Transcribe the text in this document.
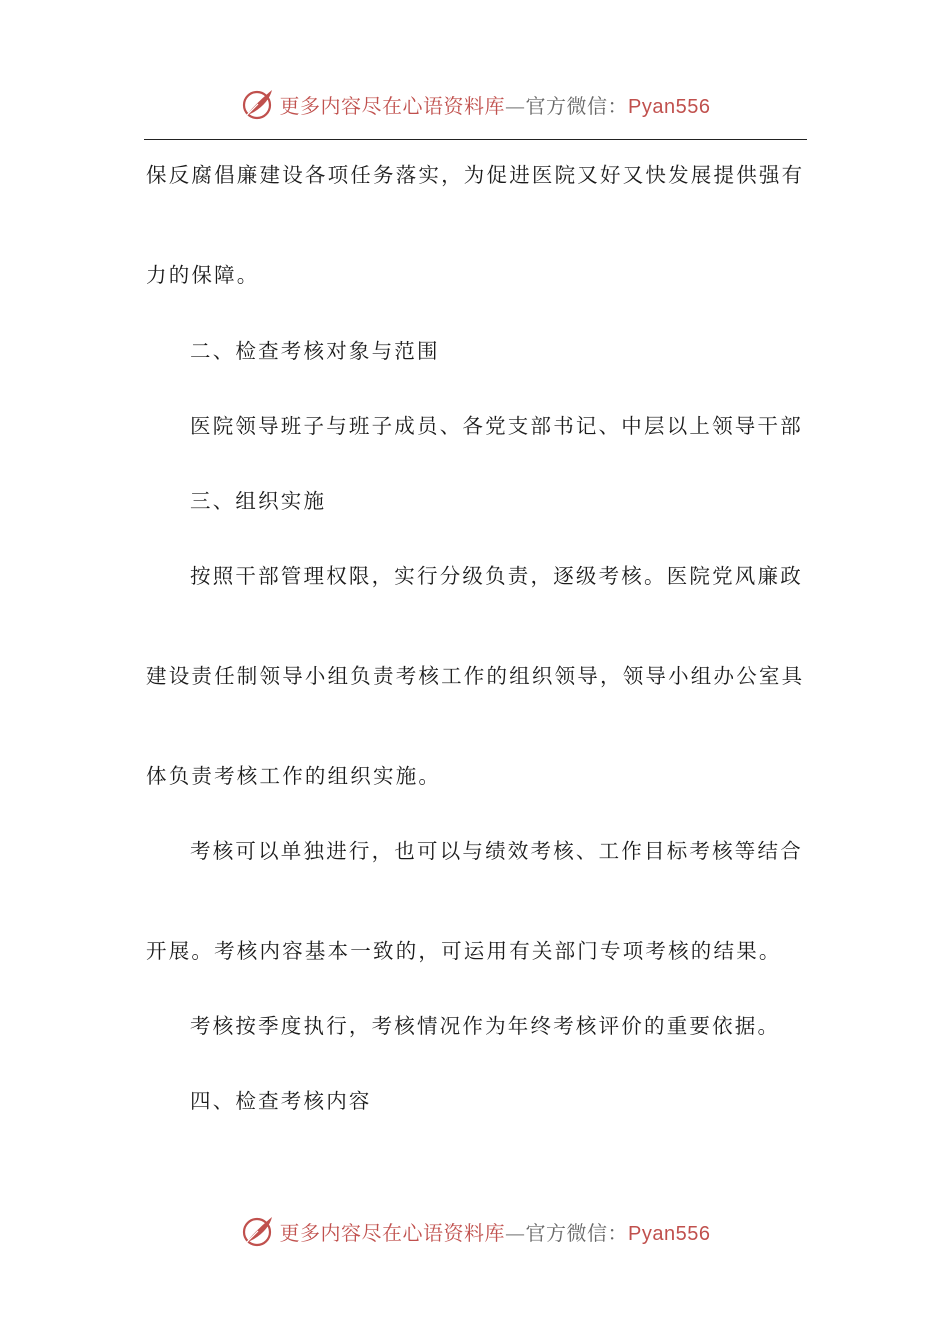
更多内容尽在心语资料库—官方微信：Pyan556
保反腐倡廉建设各项任务落实，为促进医院又好又快发展提供强有
力的保障。
二、检查考核对象与范围
医院领导班子与班子成员、各党支部书记、中层以上领导干部
三、组织实施
按照干部管理权限，实行分级负责，逐级考核。医院党风廉政
建设责任制领导小组负责考核工作的组织领导，领导小组办公室具
体负责考核工作的组织实施。
考核可以单独进行，也可以与绩效考核、工作目标考核等结合
开展。考核内容基本一致的，可运用有关部门专项考核的结果。
考核按季度执行，考核情况作为年终考核评价的重要依据。
四、检查考核内容
更多内容尽在心语资料库—官方微信：Pyan556
